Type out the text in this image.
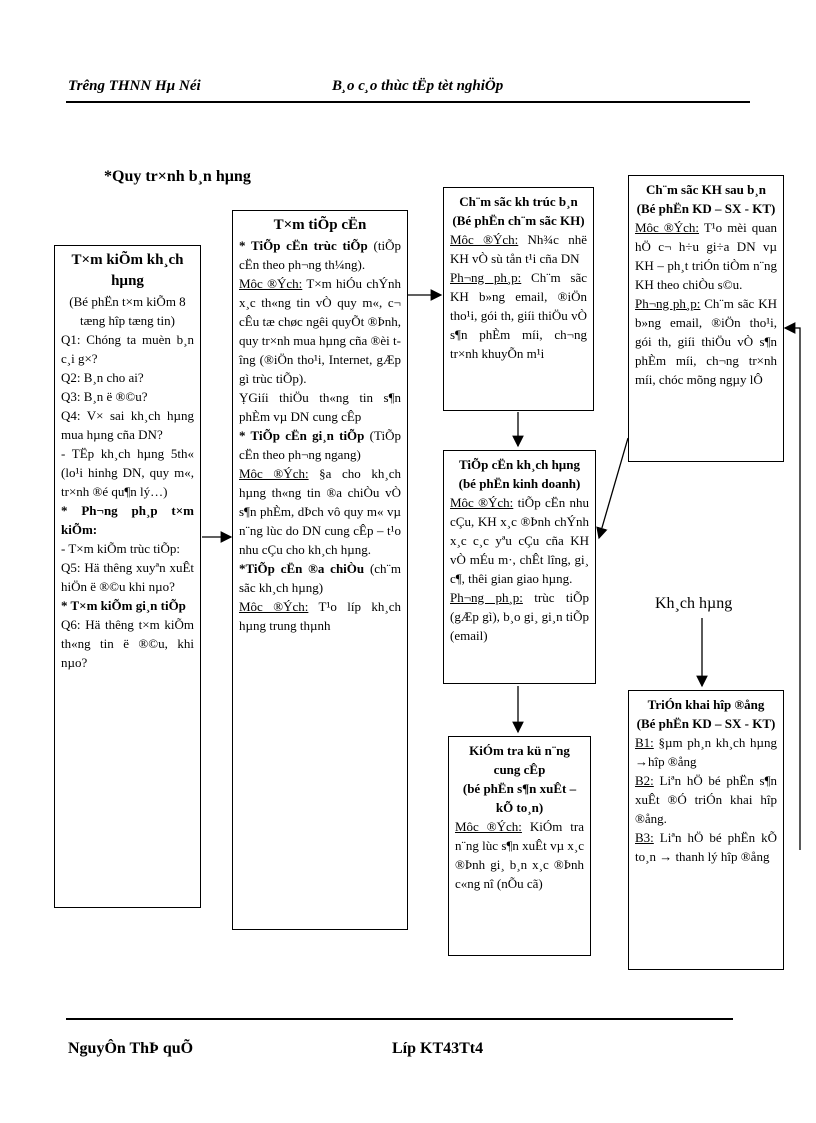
Trêng THNN Hµ Néi	B¸o c¸o thùc tËp tèt nghiÖp
*Quy tr×nh b¸n hµng
T×m kiÕm kh¸ch hµng
(Bé phËn t×m kiÕm 8 tæng hîp tæng tin)

Q1: Chóng ta muèn b¸n c¸i g×?

Q2: B¸n cho ai?

Q3: B¸n ë ®©u?

Q4: V× sai kh¸ch hµng mua hµng cña DN?

- TËp kh¸ch hµng 5th« (lo¹i hinhg DN, quy m«, tr×nh ®é qu¶n lý…)

* Ph¬ng ph¸p t×m kiÕm:

- T×m kiÕm trùc tiÕp:

Q5: Hä thêng xuyªn xuÊt hiÖn ë ®©u khi nµo?

* T×m kiÕm gi¸n tiÕp

Q6: Hä thêng t×m kiÕm th«ng tin ë ®©u, khi nµo?

T×m tiÕp cËn

* TiÕp cËn trùc tiÕp (tiÕp cËn theo ph¬ng th¼ng).

Môc ®Ých: T×m hiÓu chÝnh x¸c th«ng tin vÒ quy m«, c¬ cÊu tæ chøc ngêi quyÕt ®Þnh, quy tr×nh mua hµng cña ®èi tîng (®iÖn tho¹i, Internet, gÆp gì trùc tiÕp).

ỴGiíi thiÖu th«ng tin s¶n phÈm vµ DN cung cÊp

* TiÕp cËn gi¸n tiÕp (TiÕp cËn theo ph¬ng ngang)

Môc ®Ých: §a cho kh¸ch hµng th«ng tin ®a chiÒu vÒ s¶n phÈm, dÞch vô quy m« vµ n¨ng lùc do DN cung cÊp – t¹o nhu cÇu cho kh¸ch hµng.

*TiÕp cËn ®a chiÒu (ch¨m sãc kh¸ch hµng)

Môc ®Ých: T¹o líp kh¸ch hµng trung thµnh

Ch¨m sãc kh trúc b¸n (Bé phËn ch¨m sãc KH)

Môc ®Ých: Nh¾c nhë KH vÒ sù tån t¹i cña DN

Ph¬ng ph¸p: Ch¨m sãc KH b»ng email, ®iÖn tho¹i, gói th, giíi thiÖu vÒ s¶n phÈm míi, ch¬ng tr×nh khuyÕn m¹i

Ch¨m sãc KH sau b¸n
(Bé phËn KD – SX - KT)

Môc ®Ých: T¹o mèi quan hÖ c¬ h÷u gi÷a DN vµ KH – ph¸t triÓn tiÒm n¨ng KH theo chiÒu s©u.

Ph¬ng ph¸p: Ch¨m sãc KH b»ng email, ®iÖn tho¹i, gói th, giíi thiÖu vÒ s¶n phÈm míi, ch¬ng tr×nh míi, chóc mõng ngµy lÔ

TiÕp cËn kh¸ch hµng
(bé phËn kinh doanh)

Môc ®Ých: tiÕp cËn nhu cÇu, KH x¸c ®Þnh chÝnh x¸c c¸c yªu cÇu cña KH vÒ mÉu m·, chÊt lîng, gi¸ c¶, thêi gian giao hµng.

Ph¬ng ph¸p: trùc tiÕp (gÆp gì), b¸o gi¸ gi¸n tiÕp (email)

KiÓm tra kü n¨ng cung cÊp
(bé phËn s¶n xuÊt – kÕ to¸n)

Môc ®Ých: KiÓm tra n¨ng lùc s¶n xuÊt vµ x¸c ®Þnh gi¸ b¸n x¸c ®Þnh c«ng nî (nÕu cã)

TriÓn khai hîp ®ång
(Bé phËn KD – SX - KT)

B1: §µm ph¸n kh¸ch hµng →hîp ®ång

B2: Liªn hÖ bé phËn s¶n xuÊt ®Ó triÓn khai hîp ®ång.

B3: Liªn hÖ bé phËn kÕ to¸n → thanh lý hîp ®ång

Kh¸ch hµng
NguyÔn ThÞ quÕ	Líp KT43Tt4
